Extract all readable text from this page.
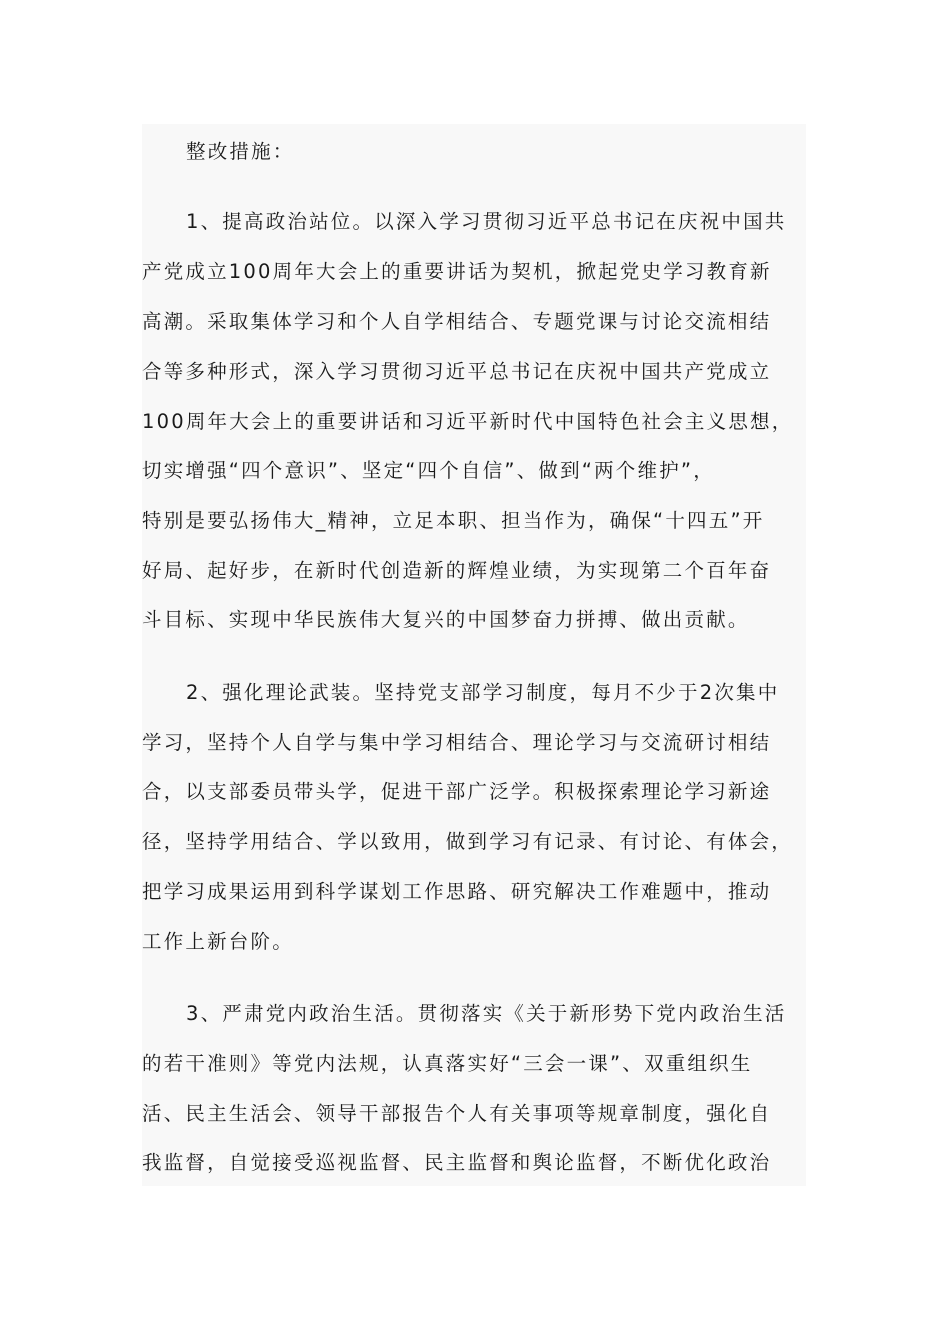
整改措施：
1、提高政治站位。以深入学习贯彻习近平总书记在庆祝中国共
产党成立100周年大会上的重要讲话为契机，掀起党史学习教育新
高潮。采取集体学习和个人自学相结合、专题党课与讨论交流相结
合等多种形式，深入学习贯彻习近平总书记在庆祝中国共产党成立
100周年大会上的重要讲话和习近平新时代中国特色社会主义思想，
切实增强“四个意识”、坚定“四个自信”、做到“两个维护”，
特别是要弘扬伟大_精神，立足本职、担当作为，确保“十四五”开
好局、起好步，在新时代创造新的辉煌业绩，为实现第二个百年奋
斗目标、实现中华民族伟大复兴的中国梦奋力拼搏、做出贡献。
2、强化理论武装。坚持党支部学习制度，每月不少于2次集中
学习，坚持个人自学与集中学习相结合、理论学习与交流研讨相结
合，以支部委员带头学，促进干部广泛学。积极探索理论学习新途
径，坚持学用结合、学以致用，做到学习有记录、有讨论、有体会，
把学习成果运用到科学谋划工作思路、研究解决工作难题中，推动
工作上新台阶。
3、严肃党内政治生活。贯彻落实《关于新形势下党内政治生活
的若干准则》等党内法规，认真落实好“三会一课”、双重组织生
活、民主生活会、领导干部报告个人有关事项等规章制度，强化自
我监督，自觉接受巡视监督、民主监督和舆论监督，不断优化政治
